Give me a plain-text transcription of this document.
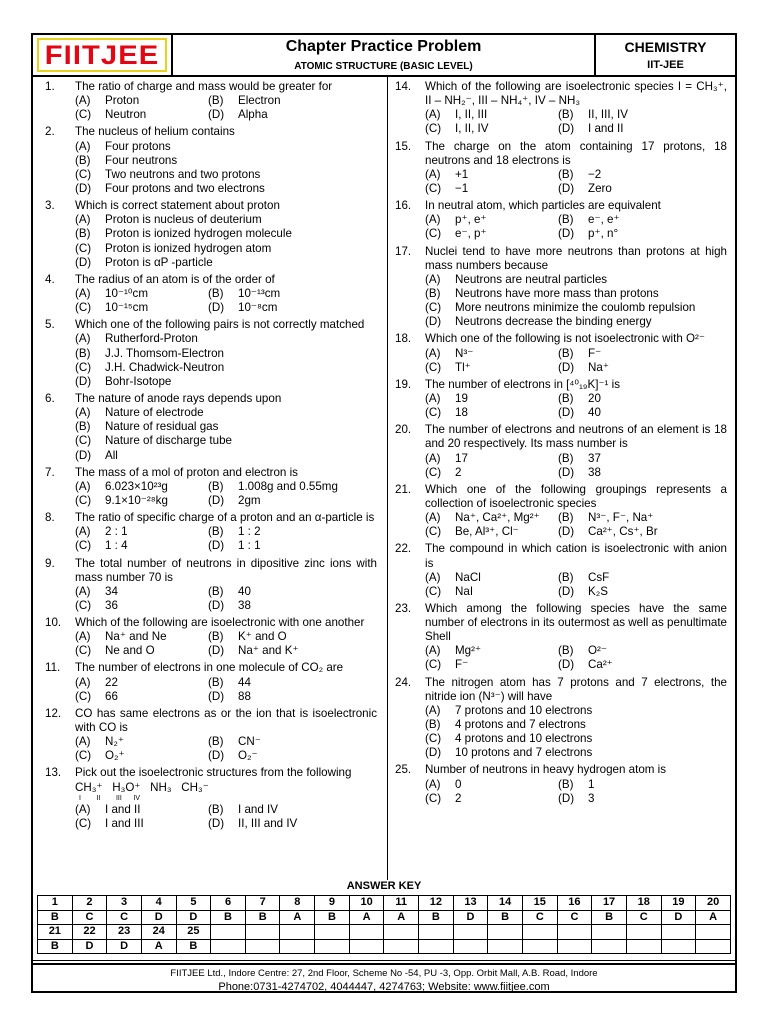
FIITJEE	Chapter Practice Problem
ATOMIC STRUCTURE (BASIC LEVEL)
CHEMISTRY
IIT-JEE
1.	The ratio of charge and mass would be greater for
(A)	Proton	(B)	Electron
(C)	Neutron	(D)	Alpha
2.	The nucleus of helium contains
(A)	Four protons
(B)	Four neutrons
(C)	Two neutrons and two protons
(D)	Four protons and two electrons
3.	Which is correct statement about proton
(A)	Proton is nucleus of deuterium
(B)	Proton is ionized hydrogen molecule
(C)	Proton is ionized hydrogen atom
(D)	Proton is αP -particle
4.	The radius of an atom is of the order of
(A)	10⁻¹⁰cm	(B)	10⁻¹³cm
(C)	10⁻¹⁵cm	(D)	10⁻⁸cm
5.	Which one of the following pairs is not correctly matched
(A)	Rutherford-Proton
(B)	J.J. Thomsom-Electron
(C)	J.H. Chadwick-Neutron
(D)	Bohr-Isotope
6.	The nature of anode rays depends upon
(A)	Nature of electrode
(B)	Nature of residual gas
(C)	Nature of discharge tube
(D)	All
7.	The mass of a mol of proton and electron is
(A)	6.023×10²³g	(B)	1.008g and 0.55mg
(C)	9.1×10⁻²⁸kg	(D)	2gm
8.	The ratio of specific charge of a proton and an α-particle is
(A)	2 : 1	(B)	1 : 2
(C)	1 : 4	(D)	1 : 1
9.	The total number of neutrons in dipositive zinc ions with mass number 70 is
(A)	34	(B)	40
(C)	36	(D)	38
10.	Which of the following are isoelectronic with one another
(A)	Na⁺ and Ne	(B)	K⁺ and O
(C)	Ne and O	(D)	Na⁺ and K⁺
11.	The number of electrons in one molecule of CO₂ are
(A)	22	(B)	44
(C)	66	(D)	88
12.	CO has same electrons as or the ion that is isoelectronic with CO is
(A)	N₂⁺	(B)	CN⁻
(C)	O₂⁺	(D)	O₂⁻
13.	Pick out the isoelectronic structures from the following
CH₃⁺   H₃O⁺   NH₃   CH₃⁻
I        II        III      IV
(A)	I and II	(B)	I and IV
(C)	I and III	(D)	II, III and IV
14.	Which of the following are isoelectronic species I = CH₃⁺, II – NH₂⁻, III – NH₄⁺, IV – NH₃
(A)	I, II, III	(B)	II, III, IV
(C)	I, II, IV	(D)	I and II
15.	The charge on the atom containing 17 protons, 18 neutrons and 18 electrons is
(A)	+1	(B)	−2
(C)	−1	(D)	Zero
16.	In neutral atom, which particles are equivalent
(A)	p⁺, e⁺	(B)	e⁻, e⁺
(C)	e⁻, p⁺	(D)	p⁺, n°
17.	Nuclei tend to have more neutrons than protons at high mass numbers because
(A)	Neutrons are neutral particles
(B)	Neutrons have more mass than protons
(C)	More neutrons minimize the coulomb repulsion
(D)	Neutrons decrease the binding energy
18.	Which one of the following is not isoelectronic with O²⁻
(A)	N³⁻	(B)	F⁻
(C)	Tl⁺	(D)	Na⁺
19.	The number of electrons in [⁴⁰₁₉K]⁻¹ is
(A)	19	(B)	20
(C)	18	(D)	40
20.	The number of electrons and neutrons of an element is 18 and 20 respectively. Its mass number is
(A)	17	(B)	37
(C)	2	(D)	38
21.	Which one of the following groupings represents a collection of isoelectronic species
(A)	Na⁺, Ca²⁺, Mg²⁺ (B)	N³⁻, F⁻, Na⁺
(C)	Be, Al³⁺, Cl⁻	(D)	Ca²⁺, Cs⁺, Br
22.	The compound in which cation is isoelectronic with anion is
(A)	NaCl	(B)	CsF
(C)	NaI	(D)	K₂S
23.	Which among the following species have the same number of electrons in its outermost as well as penultimate Shell
(A)	Mg²⁺	(B)	O²⁻
(C)	F⁻	(D)	Ca²⁺
24.	The nitrogen atom has 7 protons and 7 electrons, the nitride ion (N³⁻) will have
(A)	7 protons and 10 electrons
(B)	4 protons and 7 electrons
(C)	4 protons and 10 electrons
(D)	10 protons and 7 electrons
25.	Number of neutrons in heavy hydrogen atom is
(A)	0	(B)	1
(C)	2	(D)	3
ANSWER KEY
1	2	3	4	5	6	7	8	9	10	11	12	13	14	15	16	17	18	19	20
B	C	C	D	D	B	B	A	B	A	A	B	D	B	C	C	B	C	D	A
21	22	23	24	25															
B	D	D	A	B															
FIITJEE Ltd., Indore Centre: 27, 2nd Floor, Scheme No -54, PU -3, Opp. Orbit Mall, A.B. Road, Indore
Phone:0731-4274702, 4044447, 4274763; Website: www.fiitjee.com
